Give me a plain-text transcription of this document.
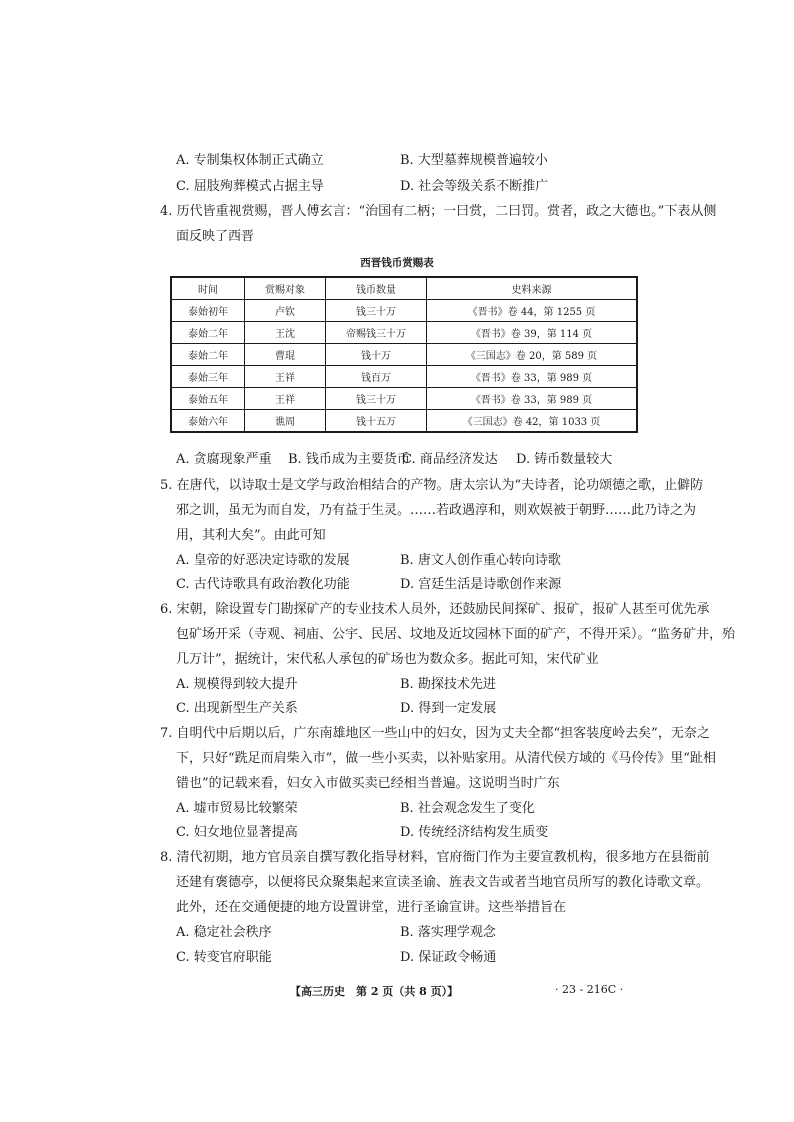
A. 专制集权体制正式确立	B. 大型墓葬规模普遍较小
C. 屈肢殉葬模式占据主导	D. 社会等级关系不断推广
4. 历代皆重视赏赐，晋人傅玄言：“治国有二柄；一曰赏，二曰罚。赏者，政之大德也。”下表从侧
面反映了西晋
西晋钱币赏赐表
时间	赏赐对象	钱币数量	史料来源
泰始初年	卢钦	钱三十万	《晋书》卷 44，第 1255 页
泰始二年	王沈	帝赐钱三十万	《晋书》卷 39，第 114 页
泰始二年	曹琨	钱十万	《三国志》卷 20，第 589 页
泰始三年	王祥	钱百万	《晋书》卷 33，第 989 页
泰始五年	王祥	钱三十万	《晋书》卷 33，第 989 页
泰始六年	谯周	钱十五万	《三国志》卷 42，第 1033 页
A. 贪腐现象严重 B. 钱币成为主要货币
C. 商品经济发达 D. 铸币数量较大
5. 在唐代，以诗取士是文学与政治相结合的产物。唐太宗认为“夫诗者，论功颂德之歌，止僻防
邪之训，虽无为而自发，乃有益于生灵。……若政遇淳和，则欢娱被于朝野……此乃诗之为
用，其利大矣”。由此可知
A. 皇帝的好恶决定诗歌的发展	B. 唐文人创作重心转向诗歌
C. 古代诗歌具有政治教化功能	D. 宫廷生活是诗歌创作来源
6. 宋朝，除设置专门勘探矿产的专业技术人员外，还鼓励民间探矿、报矿，报矿人甚至可优先承
包矿场开采（寺观、祠庙、公宇、民居、坟地及近坟园林下面的矿产，不得开采）。“监务矿井，殆
几万计”，据统计，宋代私人承包的矿场也为数众多。据此可知，宋代矿业
A. 规模得到较大提升	B. 勘探技术先进
C. 出现新型生产关系	D. 得到一定发展
7. 自明代中后期以后，广东南雄地区一些山中的妇女，因为丈夫全都“担客装度岭去矣”，无奈之
下，只好“跣足而肩柴入市”，做一些小买卖，以补贴家用。从清代侯方域的《马伶传》里“趾相
错也”的记载来看，妇女入市做买卖已经相当普遍。这说明当时广东
A. 墟市贸易比较繁荣	B. 社会观念发生了变化
C. 妇女地位显著提高	D. 传统经济结构发生质变
8. 清代初期，地方官员亲自撰写教化指导材料，官府衙门作为主要宣教机构，很多地方在县衙前
还建有褒德亭，以便将民众聚集起来宣读圣谕、旌表文告或者当地官员所写的教化诗歌文章。
此外，还在交通便捷的地方设置讲堂，进行圣谕宣讲。这些举措旨在
A. 稳定社会秩序	B. 落实理学观念
C. 转变官府职能	D. 保证政令畅通
【高三历史　第 2 页（共 8 页）】	· 23 - 216C ·
